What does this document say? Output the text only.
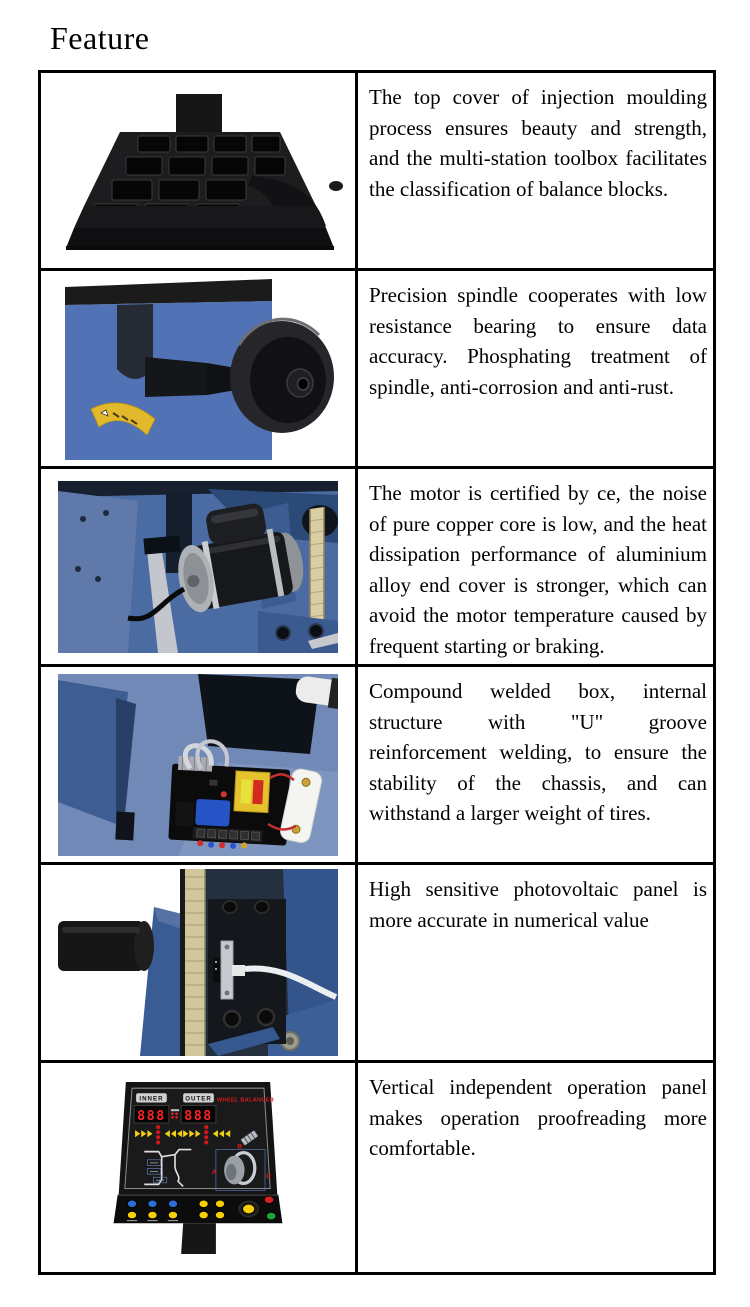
Feature
The top cover of injection moulding process ensures beauty and strength, and the multi-station toolbox facilitates the classification of balance blocks.
Precision spindle cooperates with low resistance bearing to ensure data accuracy. Phosphating treatment of spindle, anti-corrosion and anti-rust.
The motor is certified by ce, the noise of pure copper core is low, and the heat dissipation performance of aluminium alloy end cover is stronger, which can avoid the motor temperature caused by frequent starting or braking.
Compound welded box, internal structure with "U" groove reinforcement welding, to ensure the stability of the chassis, and can withstand a larger weight of tires.
High sensitive photovoltaic panel is more accurate in numerical value
INNER	OUTER WHEEL BALANCER
888 888
B
A
D
Vertical independent operation panel makes operation proofreading more comfortable.
